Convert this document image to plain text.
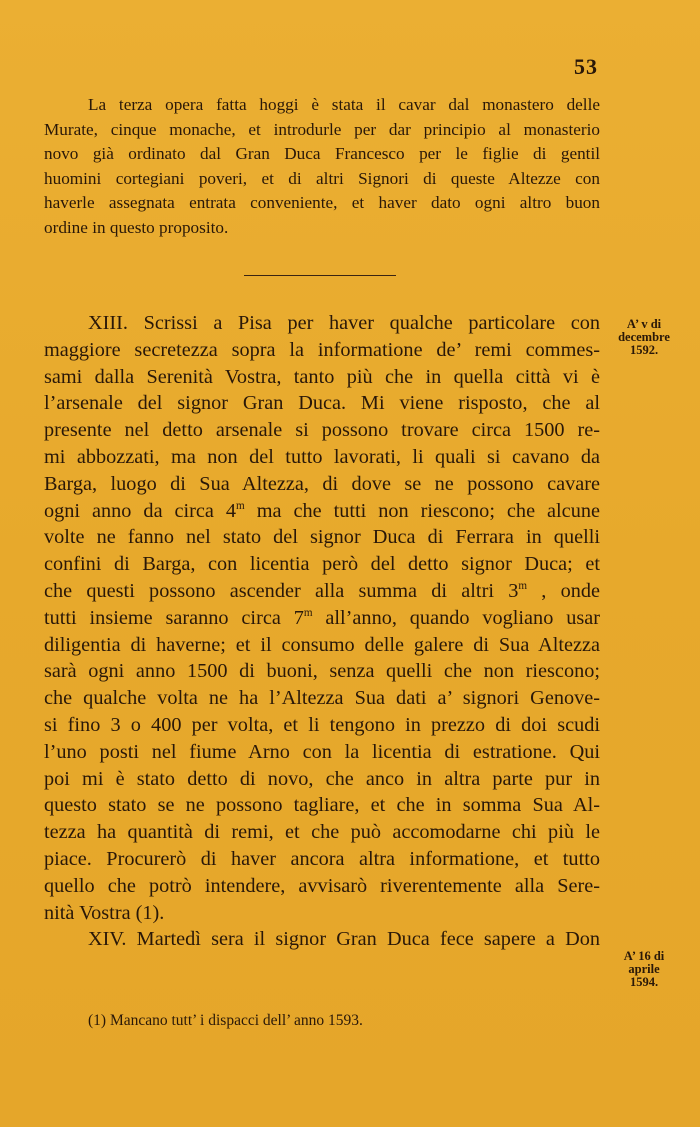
53
La terza opera fatta hoggi è stata il cavar dal monastero delle
Murate, cinque monache, et introdurle per dar principio al monasterio
novo già ordinato dal Gran Duca Francesco per le figlie di gentil
huomini cortegiani poveri, et di altri Signori di queste Altezze con
haverle assegnata entrata conveniente, et haver dato ogni altro buon
ordine in questo proposito.
XIII. Scrissi a Pisa per haver qualche particolare con
maggiore secretezza sopra la informatione de’ remi commes-
sami dalla Serenità Vostra, tanto più che in quella città vi è
l’arsenale del signor Gran Duca. Mi viene risposto, che al
presente nel detto arsenale si possono trovare circa 1500 re-
mi abbozzati, ma non del tutto lavorati, li quali si cavano da
Barga, luogo di Sua Altezza, di dove se ne possono cavare
ogni anno da circa 4$^m$ ma che tutti non riescono; che alcune
volte ne fanno nel stato del signor Duca di Ferrara in quelli
confini di Barga, con licentia però del detto signor Duca; et
che questi possono ascender alla summa di altri 3$^m$ , onde
tutti insieme saranno circa 7$^m$ all’anno, quando vogliano usar
diligentia di haverne; et il consumo delle galere di Sua Altezza
sarà ogni anno 1500 di buoni, senza quelli che non riescono;
che qualche volta ne ha l’Altezza Sua dati a’ signori Genove-
si fino 3 o 400 per volta, et li tengono in prezzo di doi scudi
l’uno posti nel fiume Arno con la licentia di estratione. Qui
poi mi è stato detto di novo, che anco in altra parte pur in
questo stato se ne possono tagliare, et che in somma Sua Al-
tezza ha quantità di remi, et che può accomodarne chi più le
piace. Procurerò di haver ancora altra informatione, et tutto
quello che potrò intendere, avvisarò riverentemente alla Sere-
nità Vostra (1).
XIV. Martedì sera il signor Gran Duca fece sapere a Don
A’ v di
decembre
1592.
A’ 16 di
aprile
1594.
(1) Mancano tutt’ i dispacci dell’ anno 1593.
